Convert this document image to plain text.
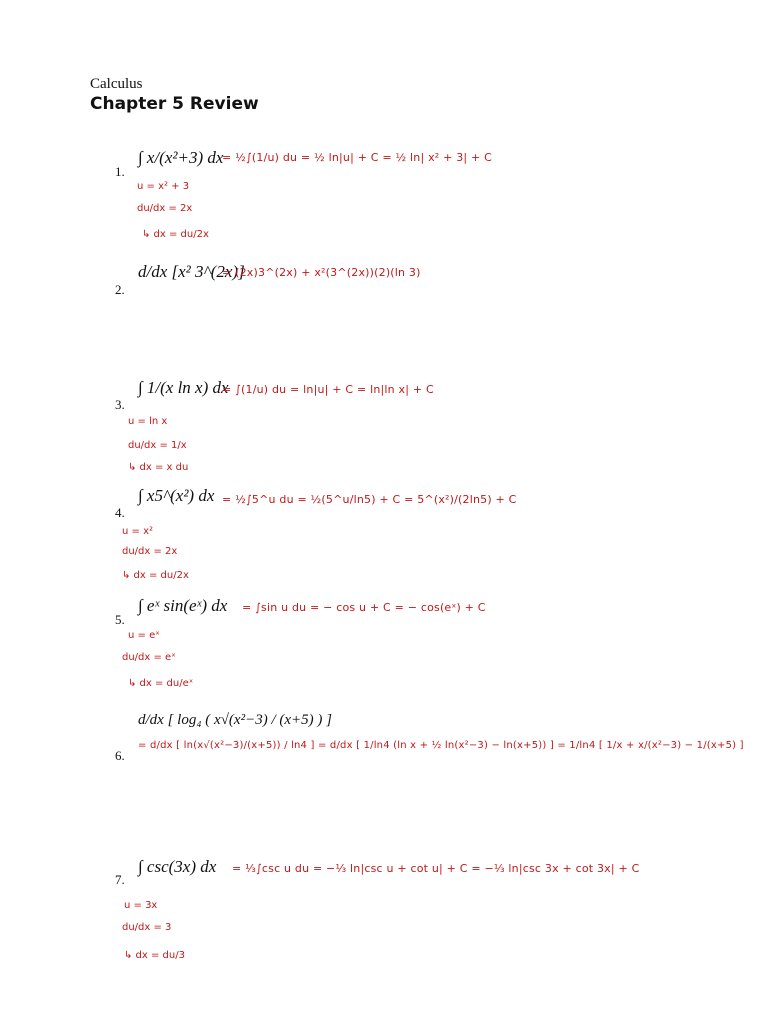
Calculus
Chapter 5 Review
1.
∫ x/(x²+3) dx
= ½∫(1/u) du = ½ ln|u| + C = ½ ln| x² + 3| + C
u = x² + 3
du/dx = 2x
↳ dx = du/2x
2.
d/dx [x² 3^(2x)]
= (2x)3^(2x) + x²(3^(2x))(2)(ln 3)
3.
∫ 1/(x ln x) dx
= ∫(1/u) du = ln|u| + C = ln|ln x| + C
u = ln x
du/dx = 1/x
↳ dx = x du
4.
∫ x5^(x²) dx = ½∫5^u du = ½(5^u/ln5) + C = 5^(x²)/(2ln5) + C
u = x²
du/dx = 2x
↳ dx = du/2x
5.
∫ eˣ sin(eˣ) dx = ∫sin u du = − cos u + C = − cos(eˣ) + C
u = eˣ
du/dx = eˣ
↳ dx = du/eˣ
6.
d/dx [ log₄ ( x√(x²−3) / (x+5) ) ]
= d/dx [ ln(x√(x²−3)/(x+5)) / ln4 ] = d/dx [ 1/ln4 (ln x + ½ ln(x²−3) − ln(x+5)) ] = 1/ln4 [ 1/x + x/(x²−3) − 1/(x+5) ]
7.
∫ csc(3x) dx = ⅓∫csc u du = −⅓ ln|csc u + cot u| + C = −⅓ ln|csc 3x + cot 3x| + C
u = 3x
du/dx = 3
↳ dx = du/3
